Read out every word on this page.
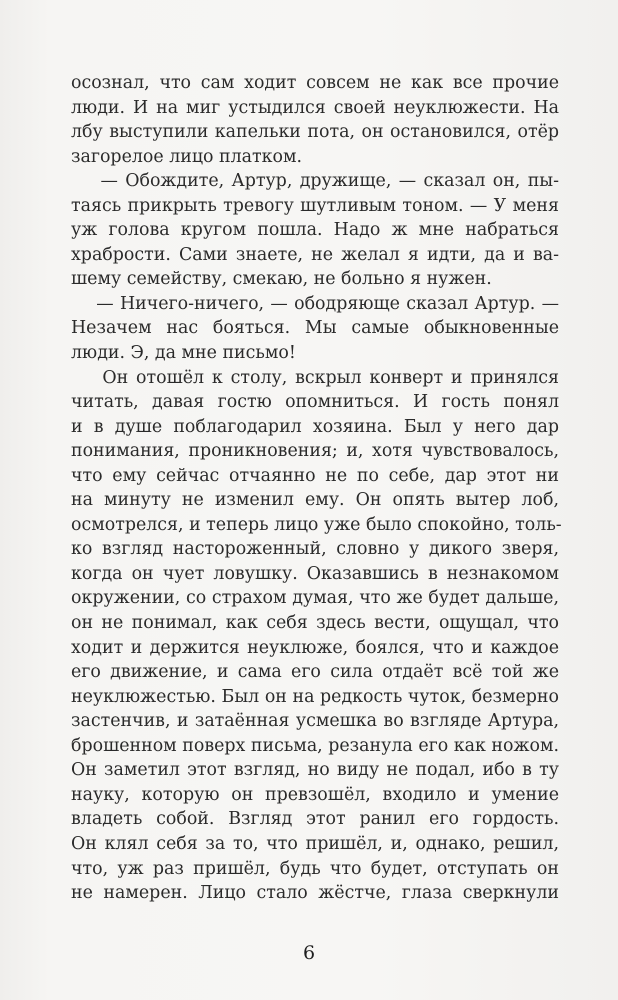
осознал, что сам ходит совсем не как все прочие
люди. И на миг устыдился своей неуклюжести. На
лбу выступили капельки пота, он остановился, отёр
загорелое лицо платком.
— Обождите, Артур, дружище, — сказал он, пы-
таясь прикрыть тревогу шутливым тоном. — У меня
уж голова кругом пошла. Надо ж мне набраться
храбрости. Сами знаете, не желал я идти, да и ва-
шему семейству, смекаю, не больно я нужен.
— Ничего-ничего, — ободряюще сказал Артур. —
Незачем нас бояться. Мы самые обыкновенные
люди. Э, да мне письмо!
Он отошёл к столу, вскрыл конверт и принялся
читать, давая гостю опомниться. И гость понял
и в душе поблагодарил хозяина. Был у него дар
понимания, проникновения; и, хотя чувствовалось,
что ему сейчас отчаянно не по себе, дар этот ни
на минуту не изменил ему. Он опять вытер лоб,
осмотрелся, и теперь лицо уже было спокойно, толь-
ко взгляд настороженный, словно у дикого зверя,
когда он чует ловушку. Оказавшись в незнакомом
окружении, со страхом думая, что же будет дальше,
он не понимал, как себя здесь вести, ощущал, что
ходит и держится неуклюже, боялся, что и каждое
его движение, и сама его сила отдаёт всё той же
неуклюжестью. Был он на редкость чуток, безмерно
застенчив, и затаённая усмешка во взгляде Артура,
брошенном поверх письма, резанула его как ножом.
Он заметил этот взгляд, но виду не подал, ибо в ту
науку, которую он превзошёл, входило и умение
владеть собой. Взгляд этот ранил его гордость.
Он клял себя за то, что пришёл, и, однако, решил,
что, уж раз пришёл, будь что будет, отступать он
не намерен. Лицо стало жёстче, глаза сверкнули
6
